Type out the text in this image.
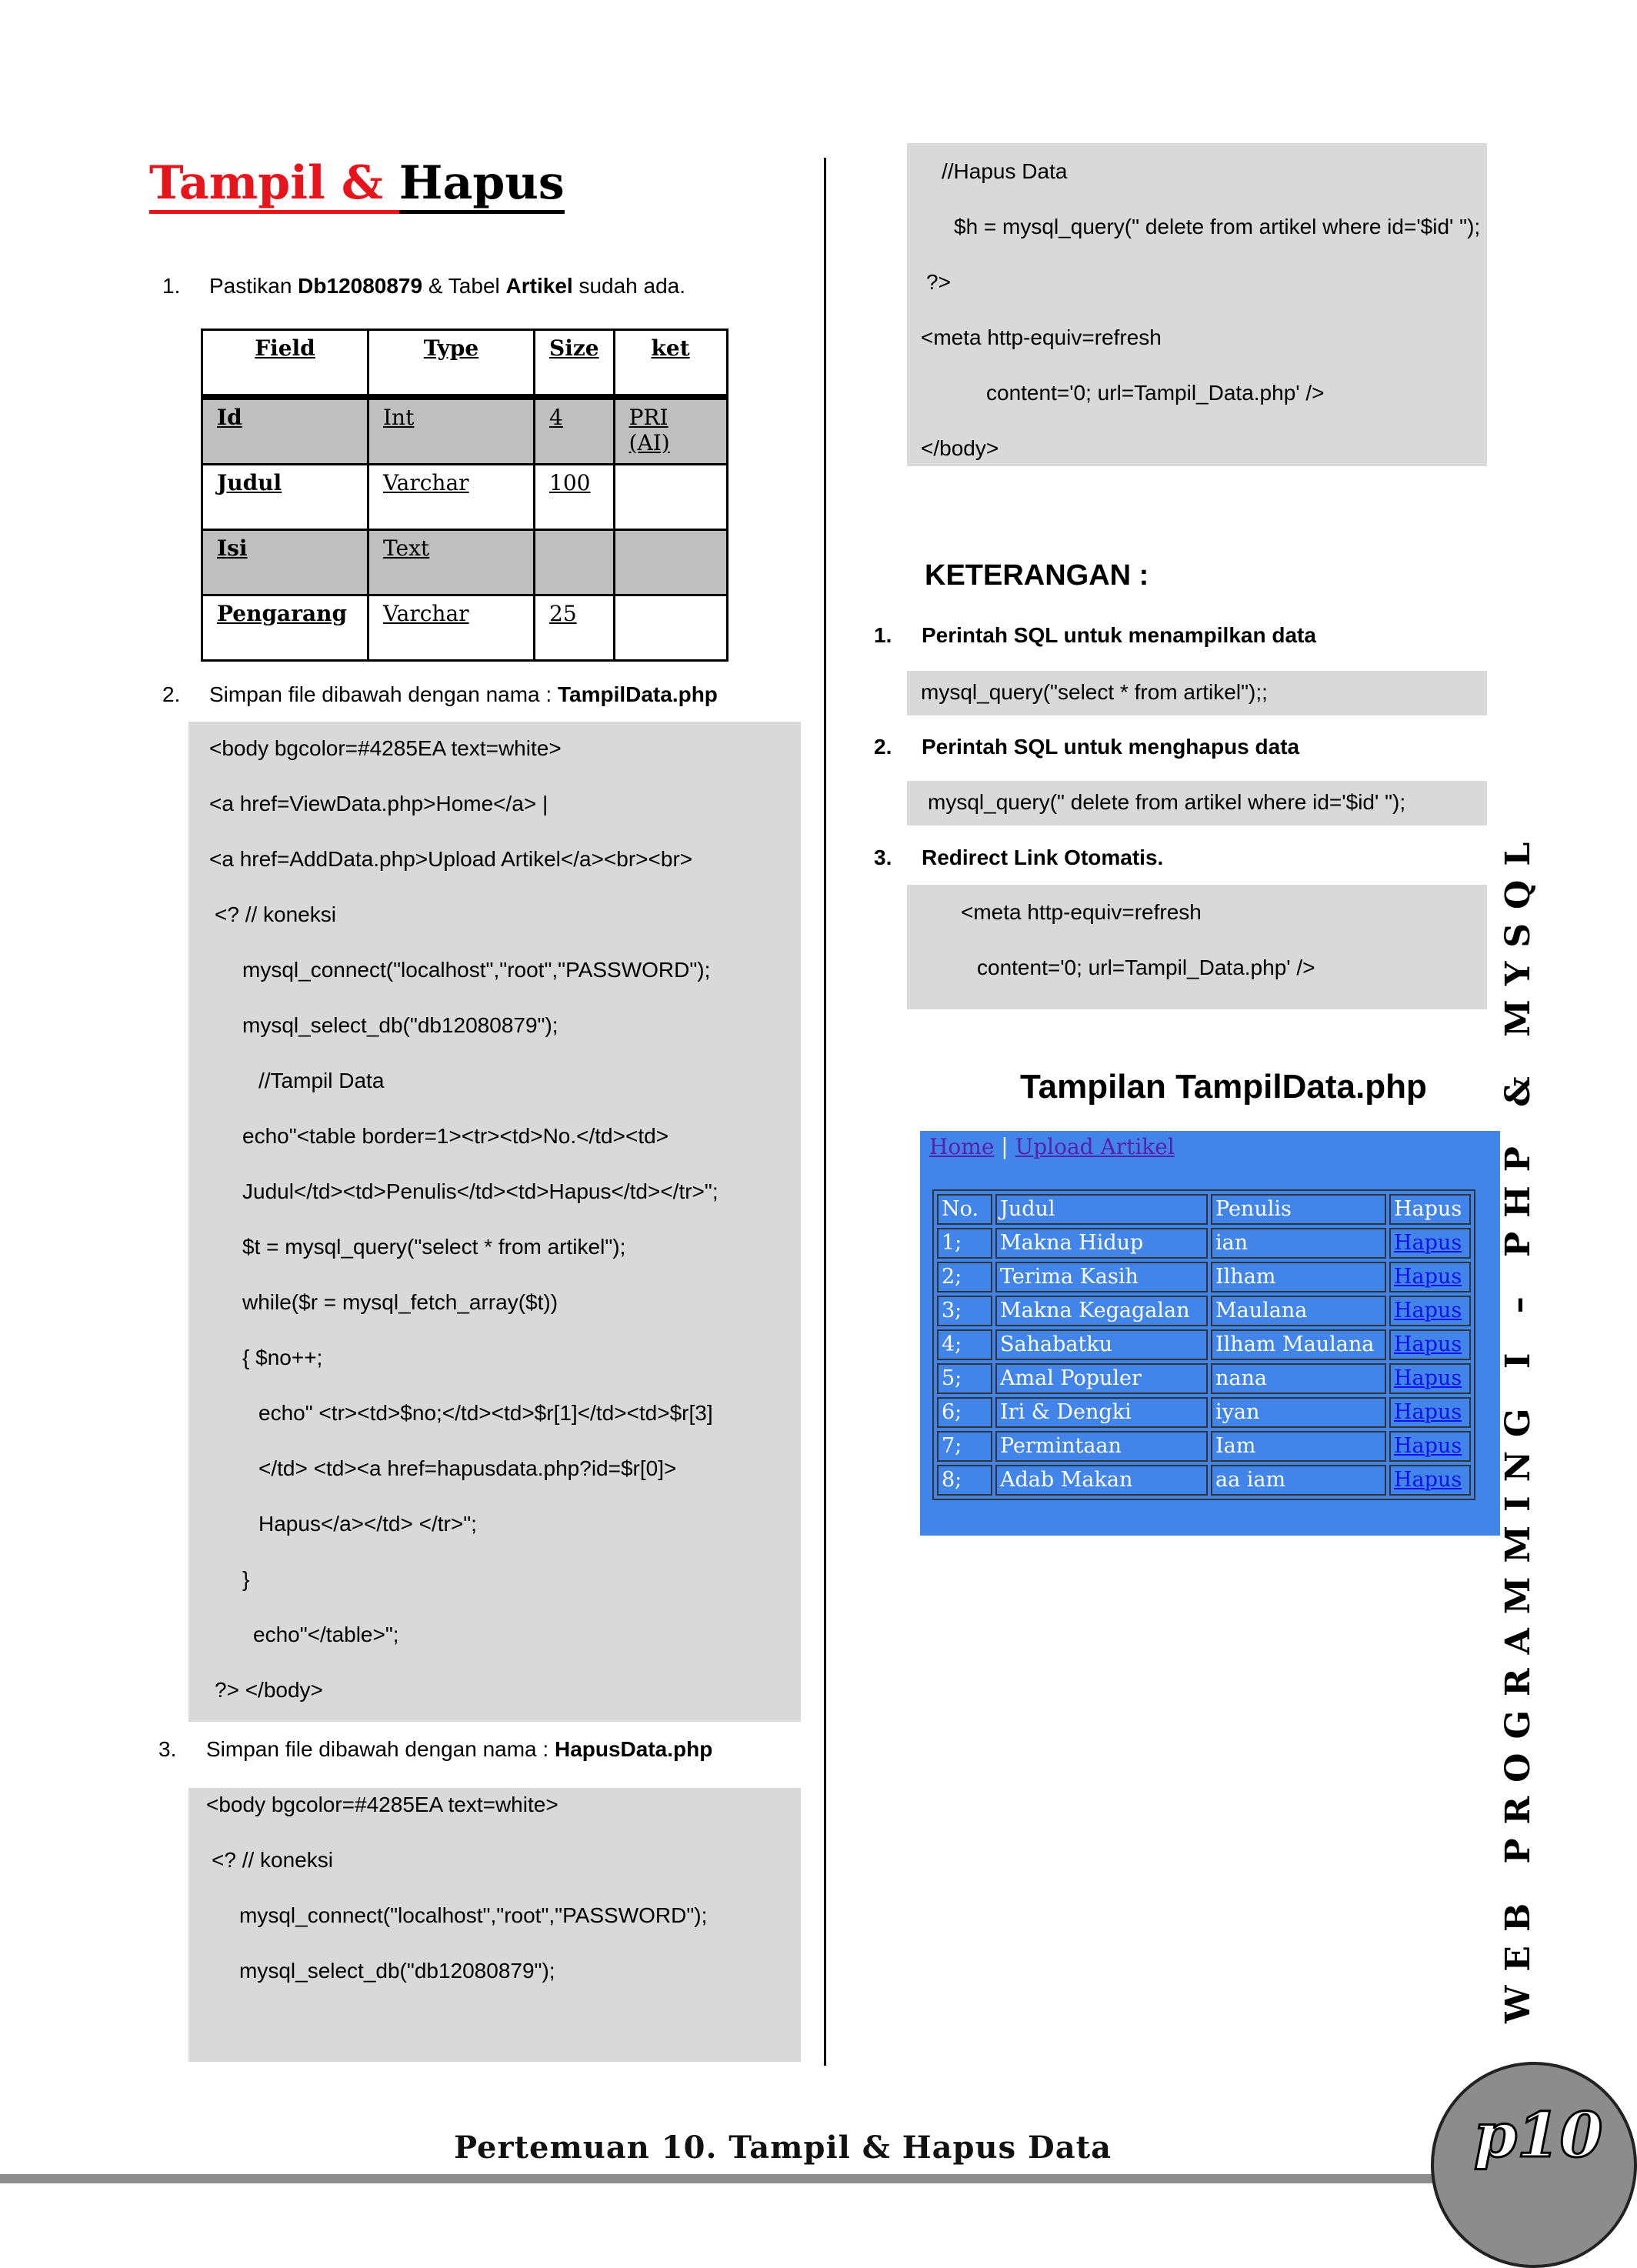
Tampil & Hapus
1. Pastikan Db12080879 & Tabel Artikel sudah ada.
Field	Type	Size	ket
Id	Int	4	PRI (AI)
Judul	Varchar	100	
Isi	Text		
Pengarang	Varchar	25	
2. Simpan file dibawah dengan nama : TampilData.php
<body bgcolor=#4285EA text=white>
<a href=ViewData.php>Home</a> |
<a href=AddData.php>Upload Artikel</a><br><br>
<? // koneksi
mysql_connect("localhost","root","PASSWORD");
mysql_select_db("db12080879");
//Tampil Data
echo"<table border=1><tr><td>No.</td><td>
Judul</td><td>Penulis</td><td>Hapus</td></tr>";
$t = mysql_query("select * from artikel");
while($r = mysql_fetch_array($t))
{ $no++;
echo" <tr><td>$no;</td><td>$r[1]</td><td>$r[3]
</td> <td><a href=hapusdata.php?id=$r[0]>
Hapus</a></td> </tr>";
}
echo"</table>";
?> </body>
3. Simpan file dibawah dengan nama : HapusData.php
<body bgcolor=#4285EA text=white>
<? // koneksi
mysql_connect("localhost","root","PASSWORD");
mysql_select_db("db12080879");
//Hapus Data
$h = mysql_query(" delete from artikel where id='$id' ");
?>
<meta http-equiv=refresh
content='0; url=Tampil_Data.php' />
</body>
KETERANGAN :
1. Perintah SQL untuk menampilkan data
mysql_query("select * from artikel");;
2. Perintah SQL untuk menghapus data
mysql_query(" delete from artikel where id='$id' ");
3. Redirect Link Otomatis.
<meta http-equiv=refresh
content='0; url=Tampil_Data.php' />
Tampilan TampilData.php
Home | Upload Artikel
No.	Judul	Penulis	Hapus
1;	Makna Hidup	ian	Hapus
2;	Terima Kasih	Ilham	Hapus
3;	Makna Kegagalan	Maulana	Hapus
4;	Sahabatku	Ilham Maulana	Hapus
5;	Amal Populer	nana	Hapus
6;	Iri & Dengki	iyan	Hapus
7;	Permintaan	Iam	Hapus
8;	Adab Makan	aa iam	Hapus WEB PROGRAMMING I – PHP & MYSQL
Pertemuan 10. Tampil & Hapus Data	p10
